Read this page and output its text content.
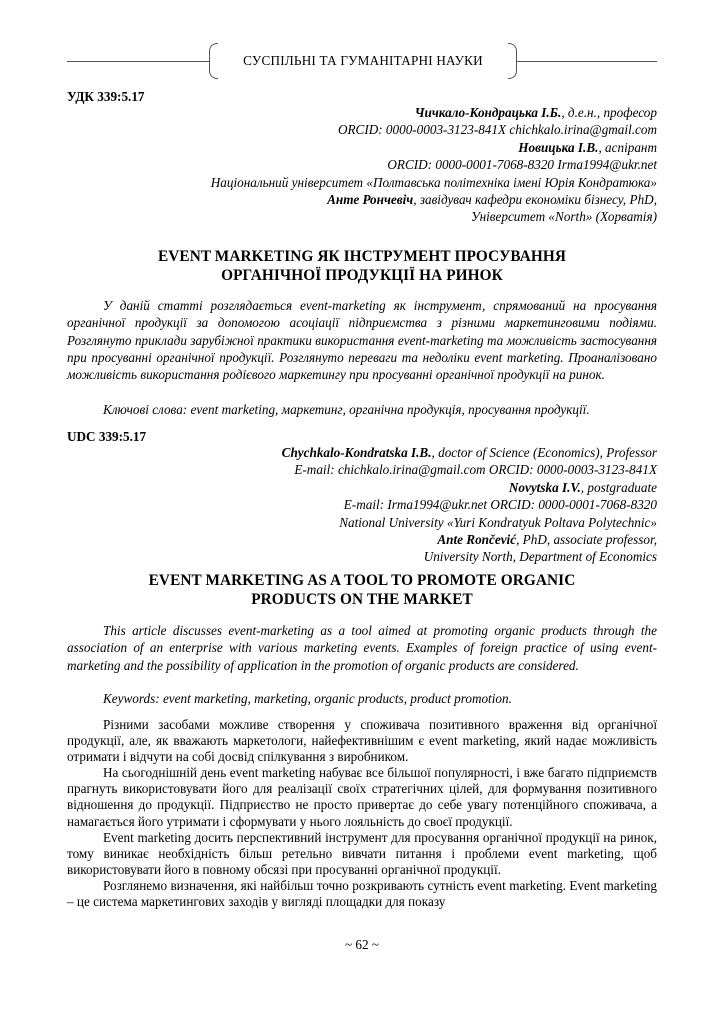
СУСПІЛЬНІ ТА ГУМАНІТАРНІ НАУКИ
УДК 339:5.17
Чичкало-Кондрацька І.Б., д.е.н., професор
ORCID: 0000-0003-3123-841X chichkalo.irina@gmail.com
Новицька І.В., аспірант
ORCID: 0000-0001-7068-8320 Irma1994@ukr.net
Національний університет «Полтавська політехніка імені Юрія Кондратюка»
Анте Рончевіч, завідувач кафедри економіки бізнесу, PhD,
Університет «North» (Хорватія)
EVENT MARKETING ЯК ІНСТРУМЕНТ ПРОСУВАННЯ
ОРГАНІЧНОЇ ПРОДУКЦІЇ НА РИНОК

У даній статті розглядається event-marketing як інструмент, спрямований на просування органічної продукції за допомогою асоціації підприємства з різними маркетинговими подіями. Розглянуто приклади зарубіжної практики використання event-marketing та можливість застосування при просуванні органічної продукції. Розглянуто переваги та недоліки event marketing. Проаналізовано можливість використання родієвого маркетингу при просуванні органічної продукції на ринок.

Ключові слова: event marketing, маркетинг, органічна продукція, просування продукції.
UDC 339:5.17
Chychkalo-Kondratska I.B., doctor of Science (Economics), Professor
E-mail: chichkalo.irina@gmail.com ORCID: 0000-0003-3123-841X
Novytska I.V., postgraduate
E-mail: Irma1994@ukr.net ORCID: 0000-0001-7068-8320
National University «Yuri Kondratyuk Poltava Polytechnic»
Ante Rončević, PhD, associate professor,
University North, Department of Economics
EVENT MARKETING AS A TOOL TO PROMOTE ORGANIC
PRODUCTS ON THE MARKET

This article discusses event-marketing as a tool aimed at promoting organic products through the association of an enterprise with various marketing events. Examples of foreign practice of using event-marketing and the possibility of application in the promotion of organic products are considered.

Keywords: event marketing, marketing, organic products, product promotion.

Різними засобами можливе створення у споживача позитивного враження від органічної продукції, але, як вважають маркетологи, найефективнішим є event marketing, який надає можливість отримати і відчути на собі досвід спілкування з виробником.

На сьогоднішній день event marketing набуває все більшої популярності, і вже багато підприємств прагнуть використовувати його для реалізації своїх стратегічних цілей, для формування позитивного відношення до продукції. Підприєство не просто привертає до себе увагу потенційного споживача, а намагається його утримати і сформувати у нього лояльність до своєї продукції.

Event marketing досить перспективний інструмент для просування органічної продукції на ринок, тому виникає необхідність більш ретельно вивчати питання і проблеми event marketing, щоб використовувати його в повному обсязі при просуванні органічної продукції.

Розглянемо визначення, які найбільш точно розкривають сутність event marketing. Event marketing – це система маркетингових заходів у вигляді площадки для показу

~ 62 ~
